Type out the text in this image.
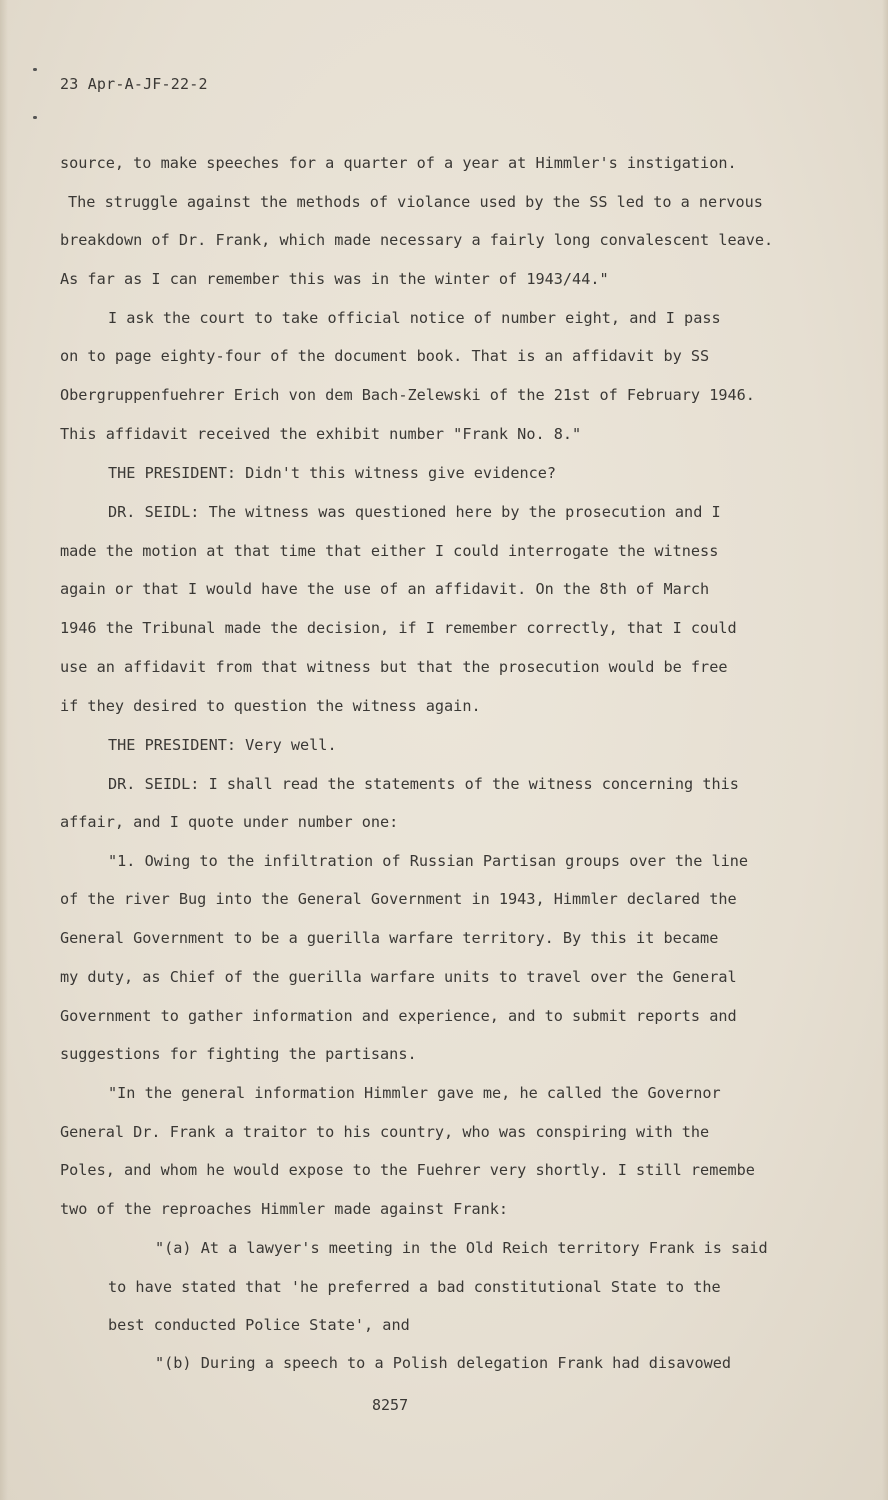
23 Apr-A-JF-22-2
source, to make speeches for a quarter of a year at Himmler's instigation.
The struggle against the methods of violance used by the SS led to a nervous
breakdown of Dr. Frank, which made necessary a fairly long convalescent leave.
As far as I can remember this was in the winter of 1943/44."
I ask the court to take official notice of number eight, and I pass
on to page eighty-four of the document book. That is an affidavit by SS
Obergruppenfuehrer Erich von dem Bach-Zelewski of the 21st of February 1946.
This affidavit received the exhibit number "Frank No. 8."
THE PRESIDENT: Didn't this witness give evidence?
DR. SEIDL: The witness was questioned here by the prosecution and I
made the motion at that time that either I could interrogate the witness
again or that I would have the use of an affidavit. On the 8th of March
1946 the Tribunal made the decision, if I remember correctly, that I could
use an affidavit from that witness but that the prosecution would be free
if they desired to question the witness again.
THE PRESIDENT: Very well.
DR. SEIDL: I shall read the statements of the witness concerning this
affair, and I quote under number one:
"1. Owing to the infiltration of Russian Partisan groups over the line
of the river Bug into the General Government in 1943, Himmler declared the
General Government to be a guerilla warfare territory. By this it became
my duty, as Chief of the guerilla warfare units to travel over the General
Government to gather information and experience, and to submit reports and
suggestions for fighting the partisans.
"In the general information Himmler gave me, he called the Governor
General Dr. Frank a traitor to his country, who was conspiring with the
Poles, and whom he would expose to the Fuehrer very shortly. I still remembe
two of the reproaches Himmler made against Frank:
"(a) At a lawyer's meeting in the Old Reich territory Frank is said
to have stated that 'he preferred a bad constitutional State to the
best conducted Police State', and
"(b) During a speech to a Polish delegation Frank had disavowed
8257
